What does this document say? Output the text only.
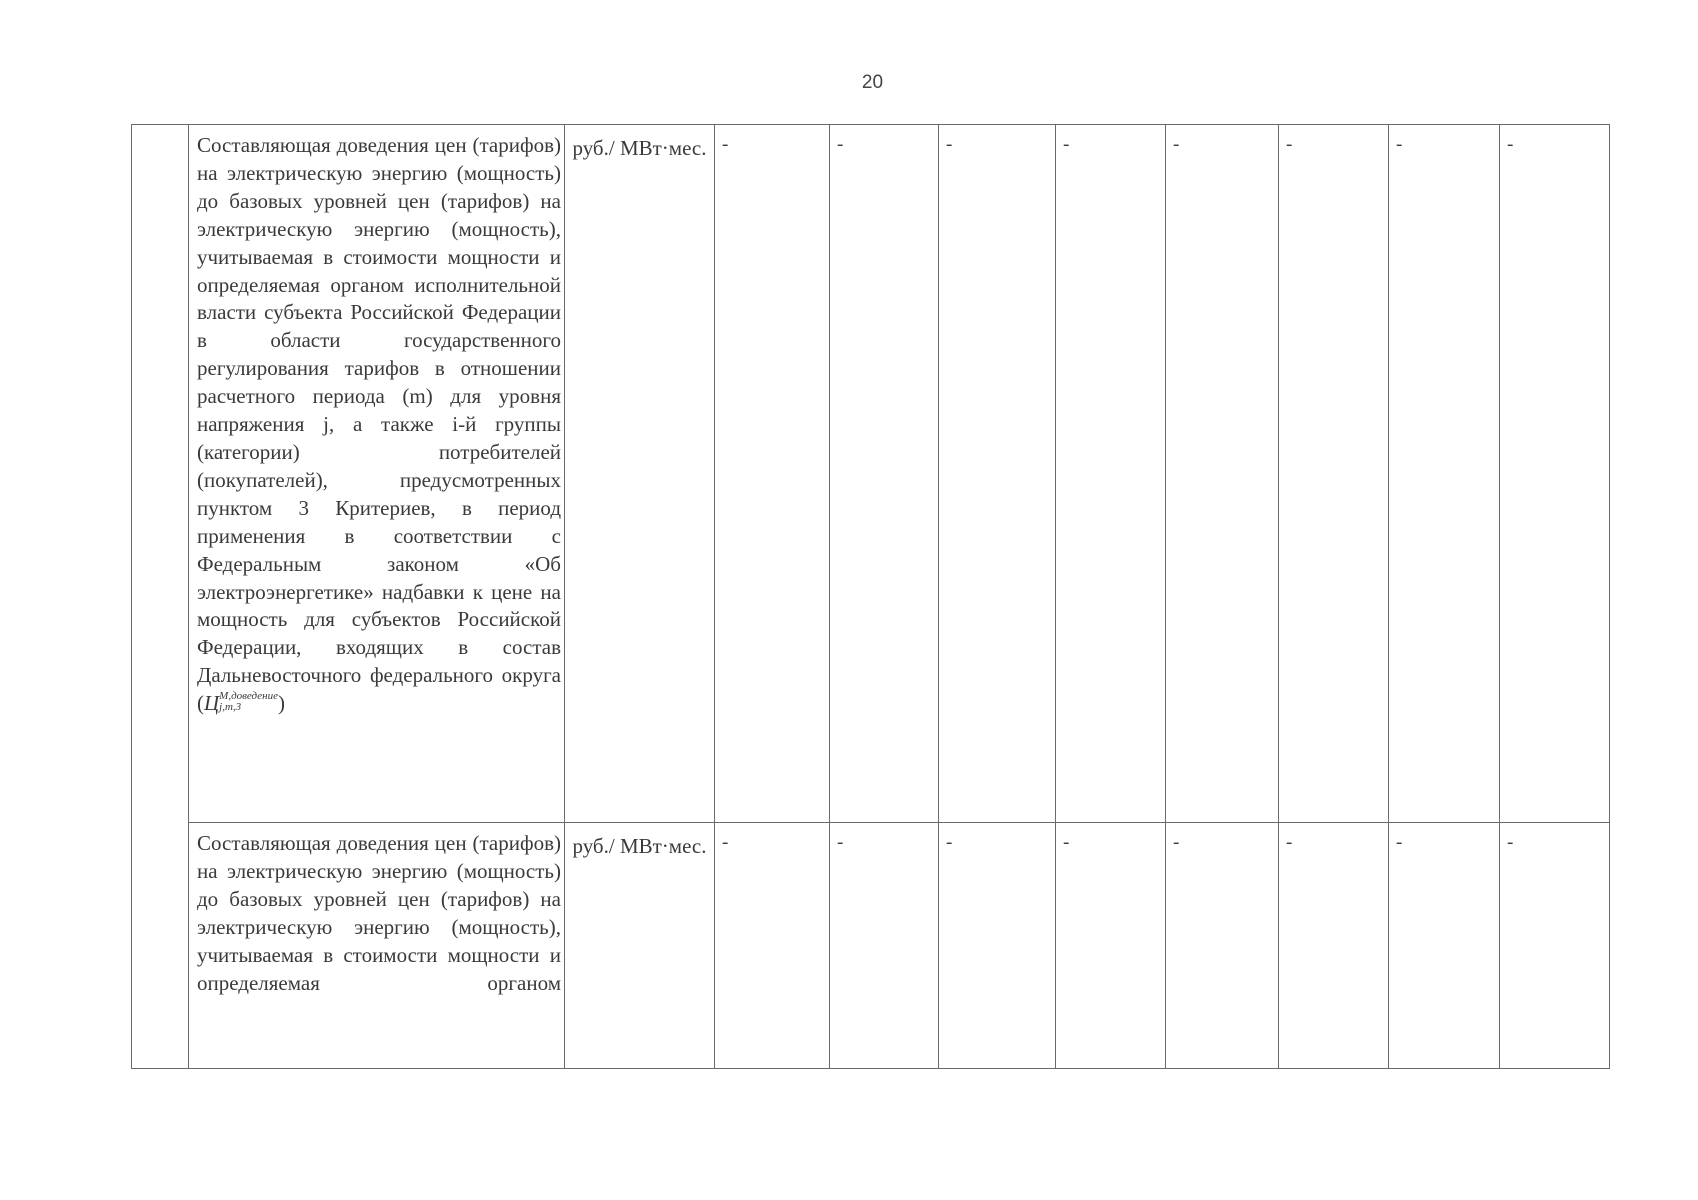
20

	Составляющая доведения цен (тарифов) на электрическую энергию (мощность) до базовых уровней цен (тарифов) на электрическую энергию (мощность), учитываемая в стоимости мощности и определяемая органом исполнительной власти субъекта Российской Федерации в области государственного регулирования тарифов в отношении расчетного периода (m) для уровня напряжения j, а также i-й группы (категории) потребителей (покупателей), предусмотренных пунктом 3 Критериев, в период применения в соответствии с Федеральным законом «Об электроэнергетике» надбавки к цене на мощность для субъектов Российской Федерации, входящих в состав Дальневосточного федерального округа (Ц M,доведение
j,m,3 )	руб./ МВт·мес.	-	-	-	-	-	-	-	-

	Составляющая доведения цен (тарифов) на электрическую энергию (мощность) до базовых уровней цен (тарифов) на электрическую энергию (мощность), учитываемая в стоимости мощности и определяемая органом	руб./ МВт·мес.	-	-	-	-	-	-	-	-
